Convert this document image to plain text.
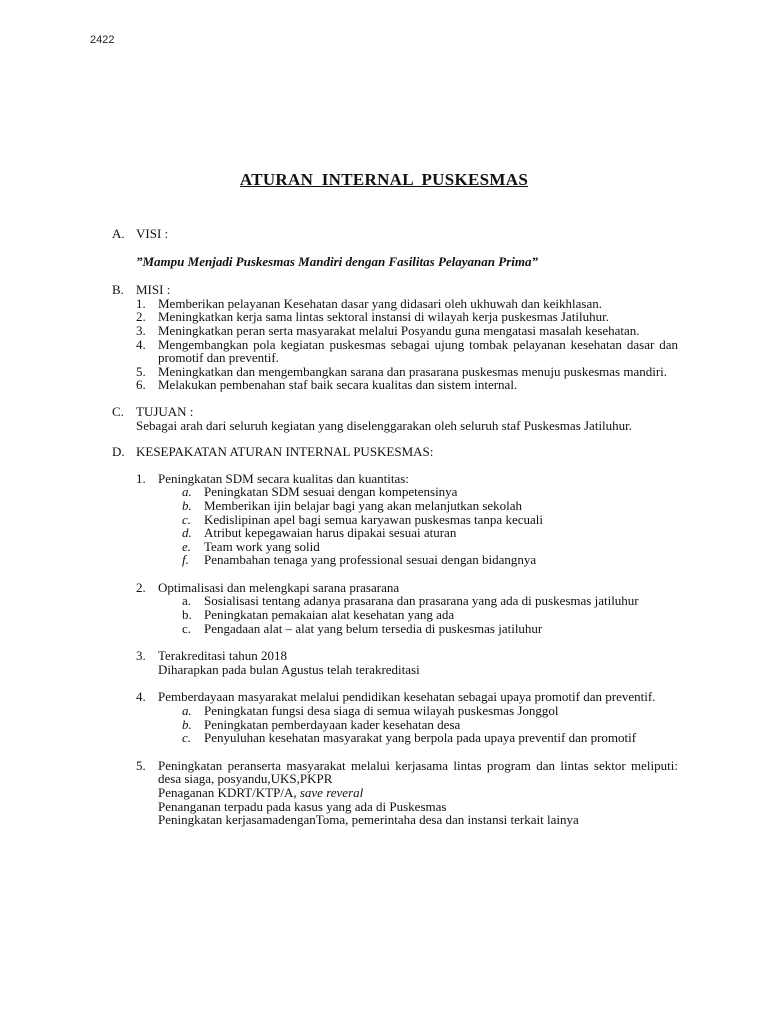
2422
ATURAN INTERNAL PUSKESMAS
A. VISI :
”Mampu Menjadi Puskesmas Mandiri dengan Fasilitas Pelayanan Prima”
B. MISI :
1. Memberikan pelayanan Kesehatan dasar yang didasari oleh ukhuwah dan keikhlasan.
2. Meningkatkan kerja sama lintas sektoral instansi di wilayah kerja puskesmas Jatiluhur.
3. Meningkatkan peran serta masyarakat melalui Posyandu guna mengatasi masalah kesehatan.
4. Mengembangkan pola kegiatan puskesmas sebagai ujung tombak pelayanan kesehatan dasar dan promotif dan preventif.
5. Meningkatkan dan mengembangkan sarana dan prasarana puskesmas menuju puskesmas mandiri.
6. Melakukan pembenahan staf baik secara kualitas dan sistem internal.
C. TUJUAN :
Sebagai arah dari seluruh kegiatan yang diselenggarakan oleh seluruh staf Puskesmas Jatiluhur.
D. KESEPAKATAN ATURAN INTERNAL PUSKESMAS:
1. Peningkatan SDM secara kualitas dan kuantitas:
a. Peningkatan SDM sesuai dengan kompetensinya
b. Memberikan ijin belajar bagi yang akan melanjutkan sekolah
c. Kedislipinan apel bagi semua karyawan puskesmas tanpa kecuali
d. Atribut kepegawaian harus dipakai sesuai aturan
e. Team work yang solid
f. Penambahan tenaga yang professional sesuai dengan bidangnya
2. Optimalisasi dan melengkapi sarana prasarana
a. Sosialisasi tentang adanya prasarana dan prasarana yang ada di puskesmas jatiluhur
b. Peningkatan pemakaian alat kesehatan yang ada
c. Pengadaan alat – alat yang belum tersedia di puskesmas jatiluhur
3. Terakreditasi tahun 2018
Diharapkan pada bulan Agustus telah terakreditasi
4. Pemberdayaan masyarakat melalui pendidikan kesehatan sebagai upaya promotif dan preventif.
a. Peningkatan fungsi desa siaga di semua wilayah puskesmas Jonggol
b. Peningkatan pemberdayaan kader kesehatan desa
c. Penyuluhan kesehatan masyarakat yang berpola pada upaya preventif dan promotif
5. Peningkatan peranserta masyarakat melalui kerjasama lintas program dan lintas sektor meliputi: desa siaga, posyandu,UKS,PKPR
Penaganan KDRT/KTP/A, save reveral
Penanganan terpadu pada kasus yang ada di Puskesmas
Peningkatan kerjasamadenganToma, pemerintaha desa dan instansi terkait lainya
